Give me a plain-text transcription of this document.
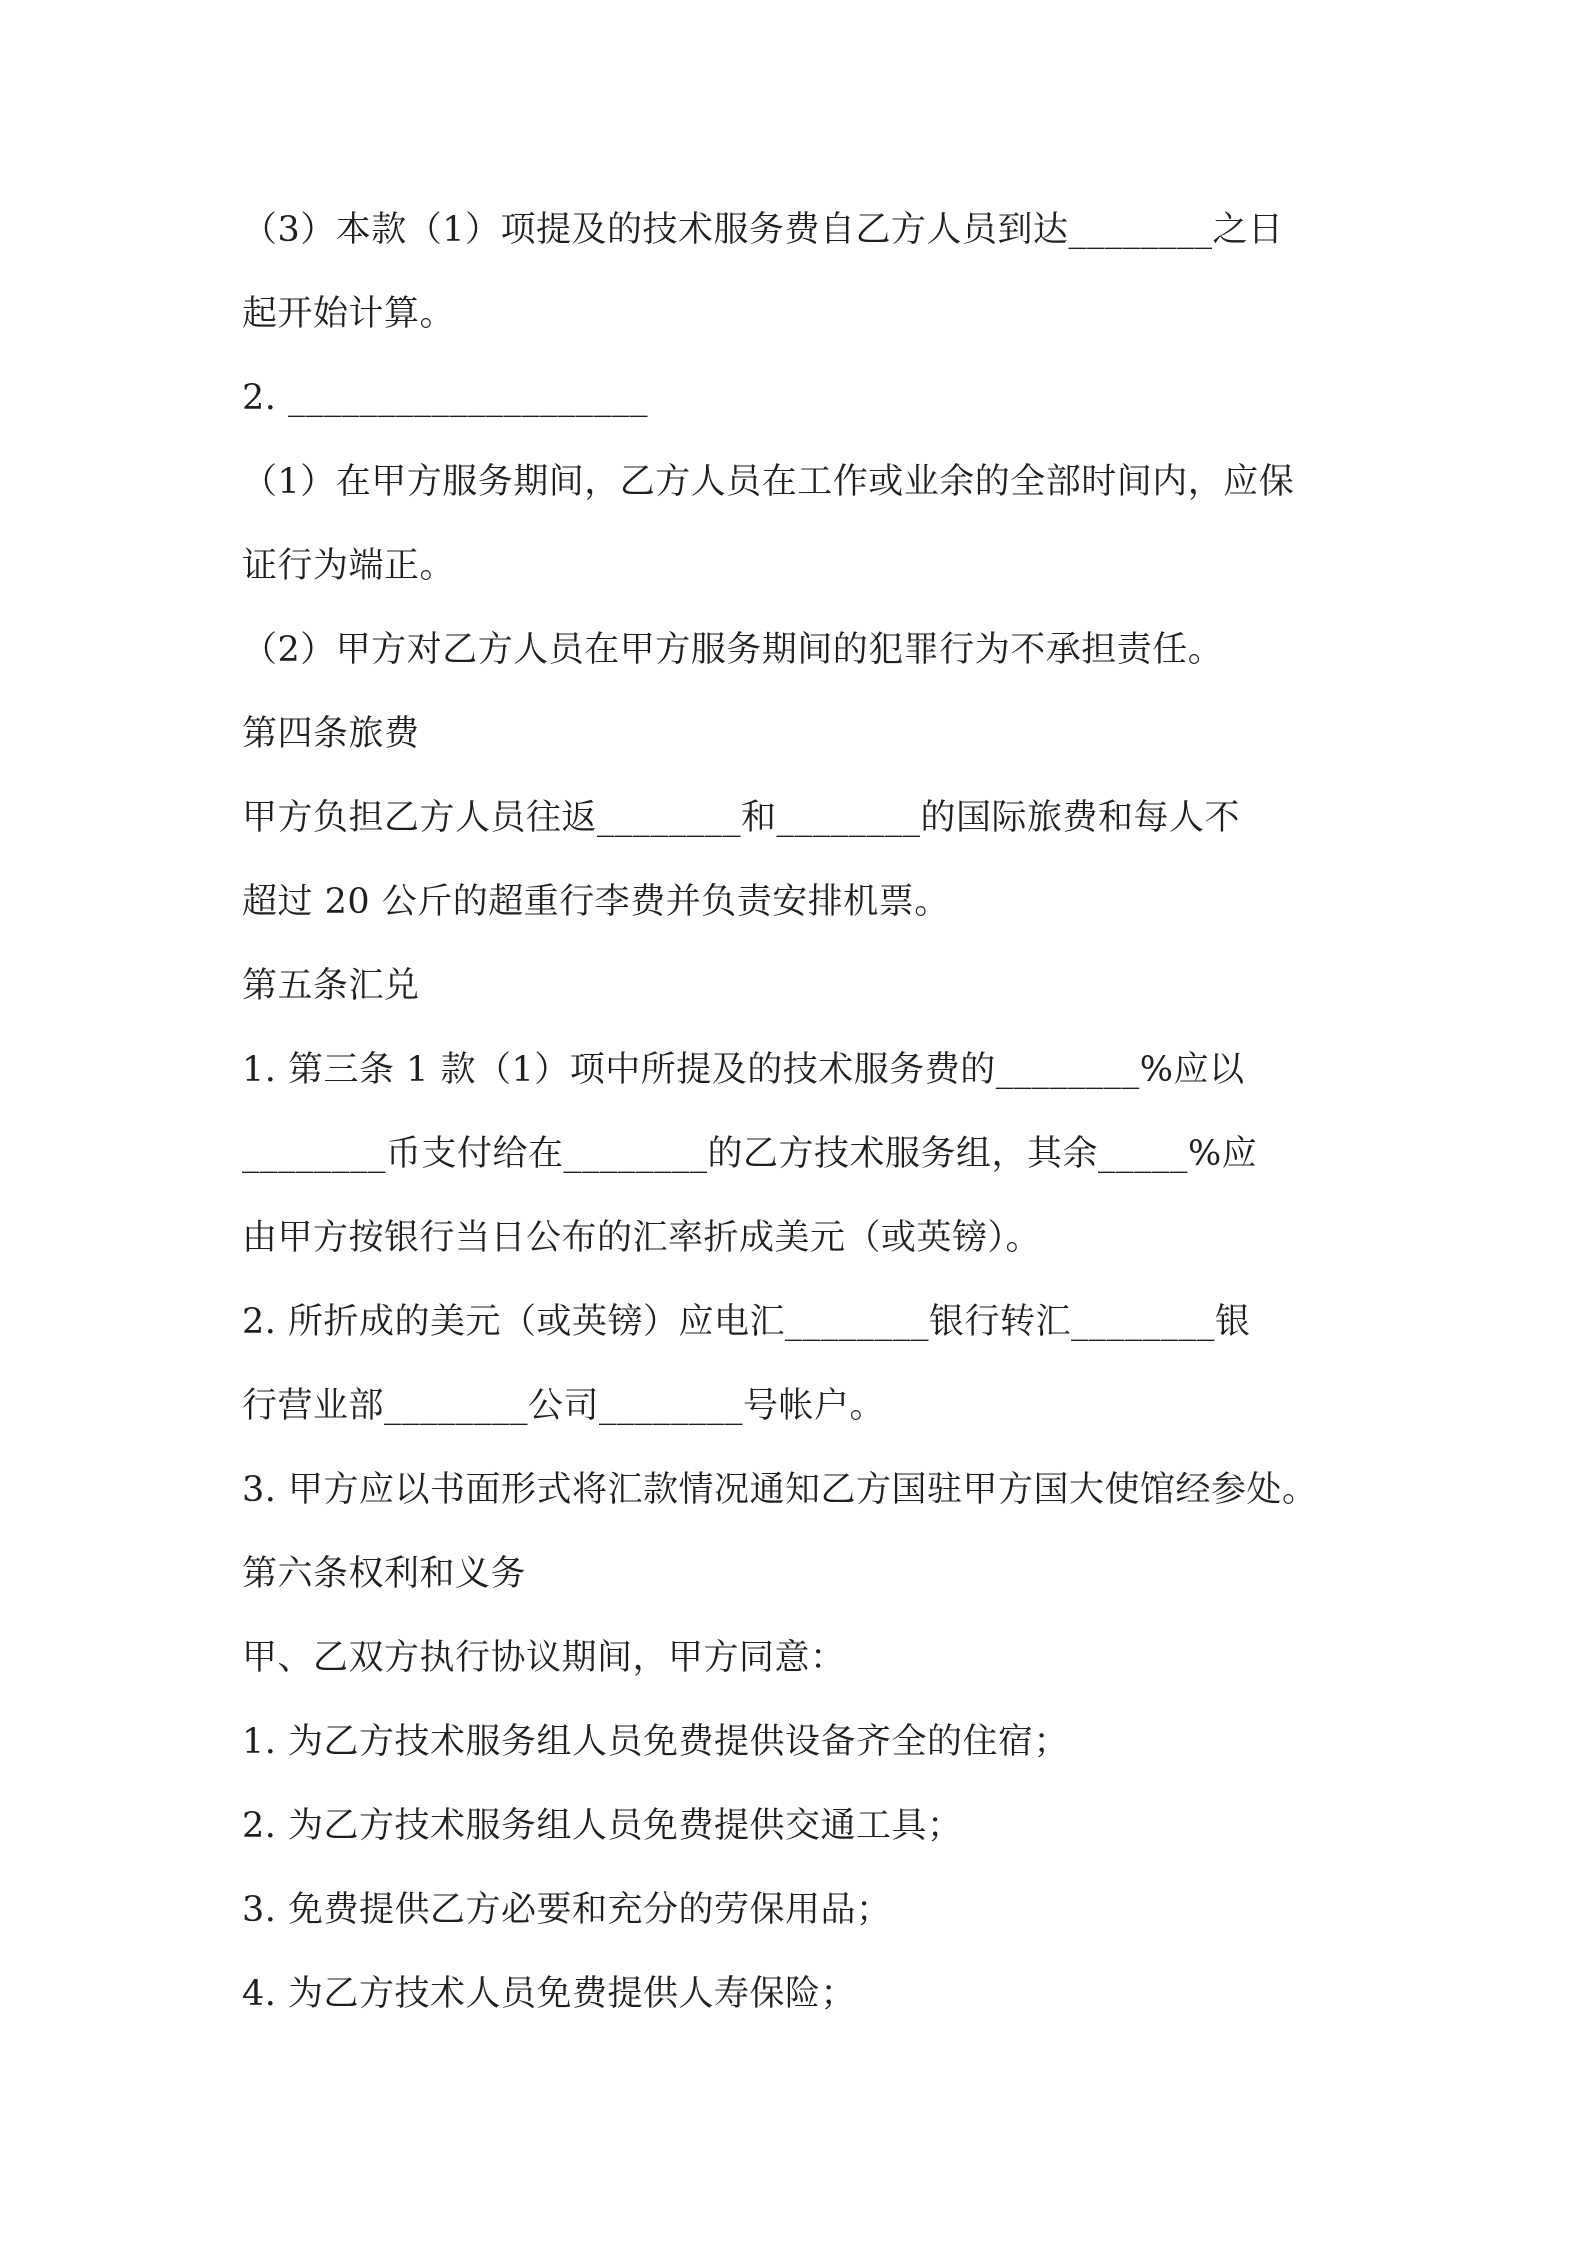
（3）本款（1）项提及的技术服务费自乙方人员到达________之日
起开始计算。
2. ____________________
（1）在甲方服务期间，乙方人员在工作或业余的全部时间内，应保
证行为端正。
（2）甲方对乙方人员在甲方服务期间的犯罪行为不承担责任。
第四条旅费
甲方负担乙方人员往返________和________的国际旅费和每人不
超过 20 公斤的超重行李费并负责安排机票。
第五条汇兑
1. 第三条 1 款（1）项中所提及的技术服务费的________%应以
________币支付给在________的乙方技术服务组，其余_____%应
由甲方按银行当日公布的汇率折成美元（或英镑）。
2. 所折成的美元（或英镑）应电汇________银行转汇________银
行营业部________公司________号帐户。
3. 甲方应以书面形式将汇款情况通知乙方国驻甲方国大使馆经参处。
第六条权利和义务
甲、乙双方执行协议期间，甲方同意：
1. 为乙方技术服务组人员免费提供设备齐全的住宿；
2. 为乙方技术服务组人员免费提供交通工具；
3. 免费提供乙方必要和充分的劳保用品；
4. 为乙方技术人员免费提供人寿保险；
